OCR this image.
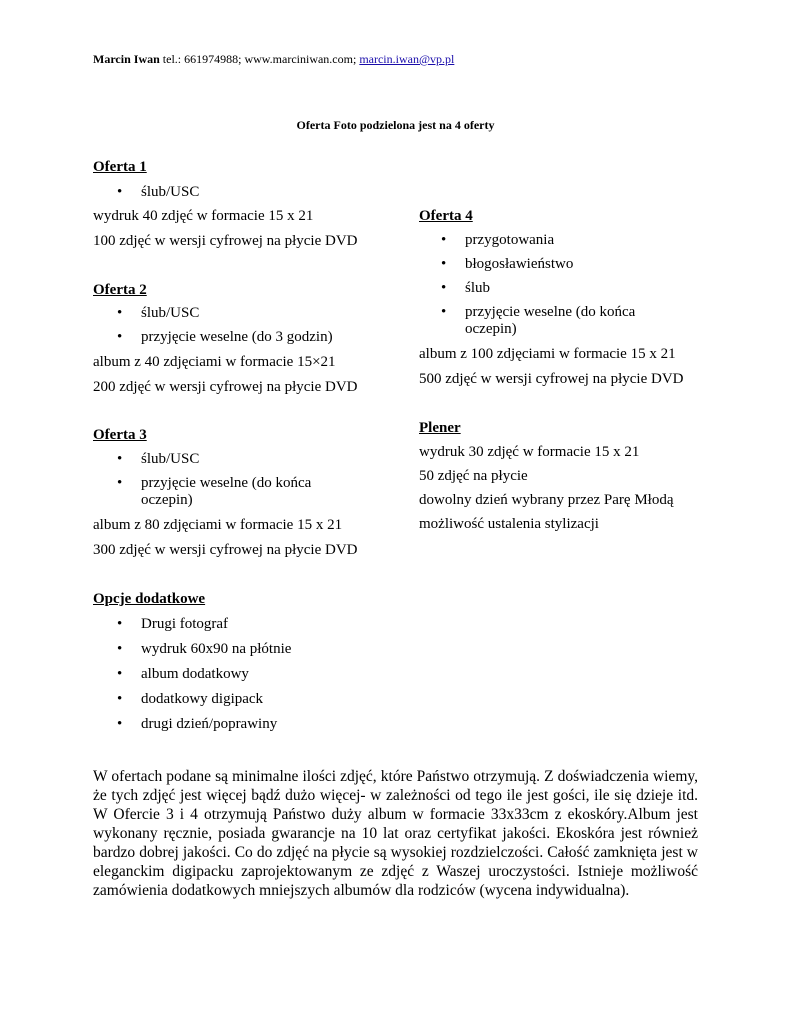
Marcin Iwan tel.: 661974988; www.marciniwan.com; marcin.iwan@vp.pl
Oferta Foto podzielona jest na 4 oferty
Oferta 1
• ślub/USC
wydruk 40 zdjęć w formacie 15 x 21
100 zdjęć w wersji cyfrowej na płycie DVD
Oferta 2
• ślub/USC
• przyjęcie weselne (do 3 godzin)
album z 40 zdjęciami w formacie 15×21
200 zdjęć w wersji cyfrowej na płycie DVD
Oferta 3
• ślub/USC
• przyjęcie weselne (do końca
oczepin)
album z 80 zdjęciami w formacie 15 x 21
300 zdjęć w wersji cyfrowej na płycie DVD
Oferta 4
• przygotowania
• błogosławieństwo
• ślub
• przyjęcie weselne (do końca
oczepin)
album z 100 zdjęciami w formacie 15 x 21
500 zdjęć w wersji cyfrowej na płycie DVD
Plener
wydruk 30 zdjęć w formacie 15 x 21
50 zdjęć na płycie
dowolny dzień wybrany przez Parę Młodą
możliwość ustalenia stylizacji
Opcje dodatkowe
• Drugi fotograf
• wydruk 60x90 na płótnie
• album dodatkowy
• dodatkowy digipack
• drugi dzień/poprawiny
W ofertach podane są minimalne ilości zdjęć, które Państwo otrzymują. Z doświadczenia wiemy, że tych zdjęć jest więcej bądź dużo więcej- w zależności od tego ile jest gości, ile się dzieje itd. W Ofercie 3 i 4 otrzymują Państwo duży album w formacie 33x33cm z ekoskóry.Album jest wykonany ręcznie, posiada gwarancje na 10 lat oraz certyfikat jakości. Ekoskóra jest również bardzo dobrej jakości. Co do zdjęć na płycie są wysokiej rozdzielczości. Całość zamknięta jest w eleganckim digipacku zaprojektowanym ze zdjęć z Waszej uroczystości. Istnieje możliwość zamówienia dodatkowych mniejszych albumów dla rodziców (wycena indywidualna).
